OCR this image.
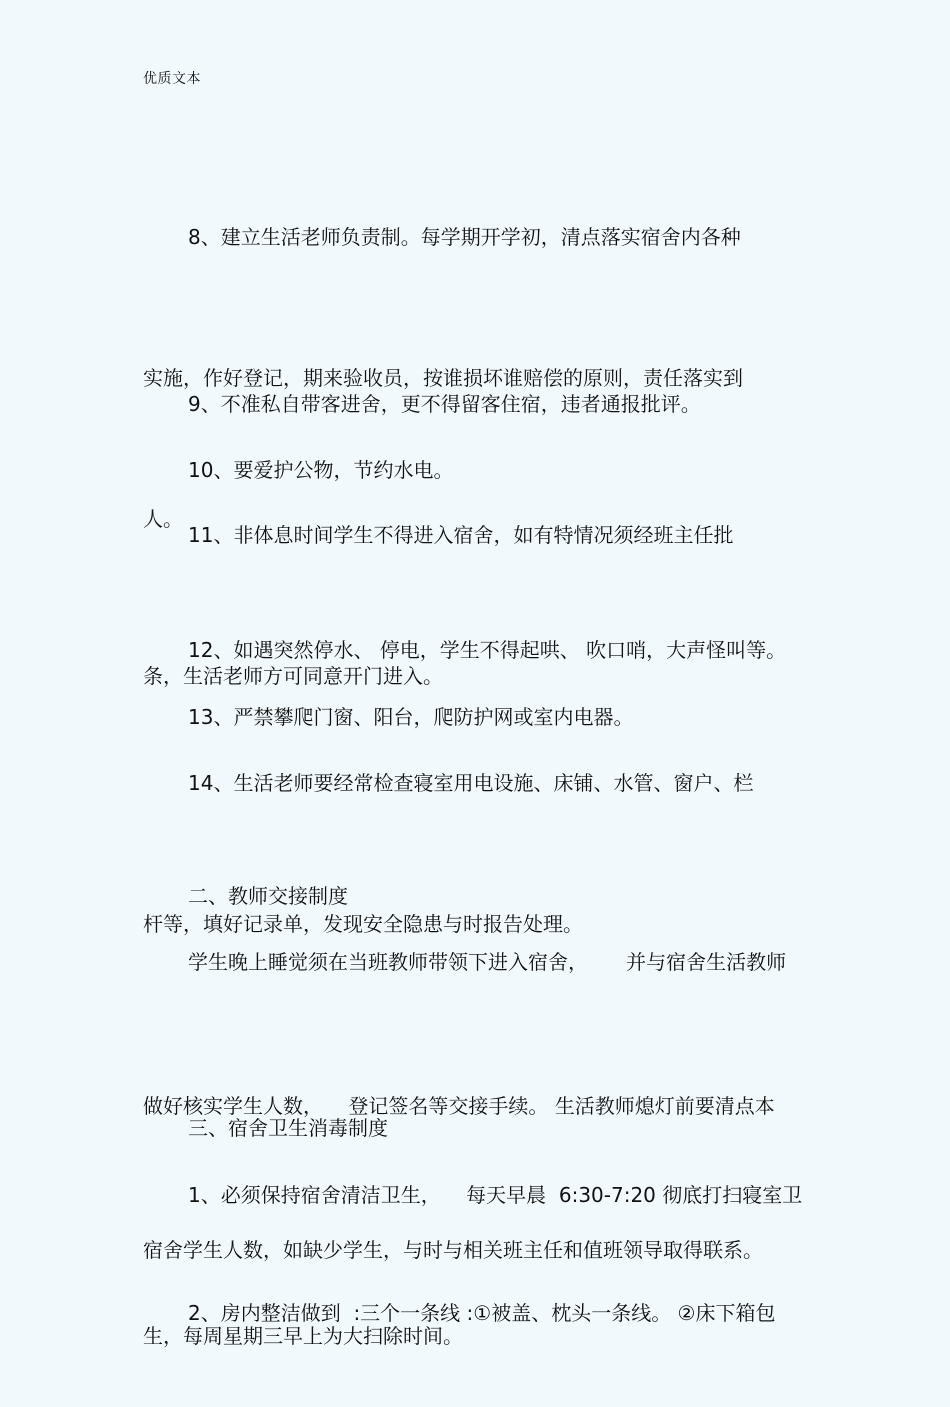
优质文本

8、建立生活老师负责制。每学期开学初，清点落实宿舍内各种

实施，作好登记，期来验收员，按谁损坏谁赔偿的原则，责任落实到

人。

9、不准私自带客进舍，更不得留客住宿，违者通报批评。

10、要爱护公物，节约水电。

11、非体息时间学生不得进入宿舍，如有特情况须经班主任批

条，生活老师方可同意开门进入。

12、如遇突然停水、 停电，学生不得起哄、 吹口哨，大声怪叫等。

13、严禁攀爬门窗、阳台，爬防护网或室内电器。

14、生活老师要经常检查寝室用电设施、床铺、水管、窗户、栏

杆等，填好记录单，发现安全隐患与时报告处理。

二、教师交接制度

学生晚上睡觉须在当班教师带领下进入宿舍，      并与宿舍生活教师

做好核实学生人数，    登记签名等交接手续。 生活教师熄灯前要清点本

宿舍学生人数，如缺少学生，与时与相关班主任和值班领导取得联系。

三、宿舍卫生消毒制度

1、必须保持宿舍清洁卫生，    每天早晨  6:30-7:20 彻底打扫寝室卫

生，每周星期三早上为大扫除时间。

2、房内整洁做到  :三个一条线 :①被盖、枕头一条线。 ②床下箱包
